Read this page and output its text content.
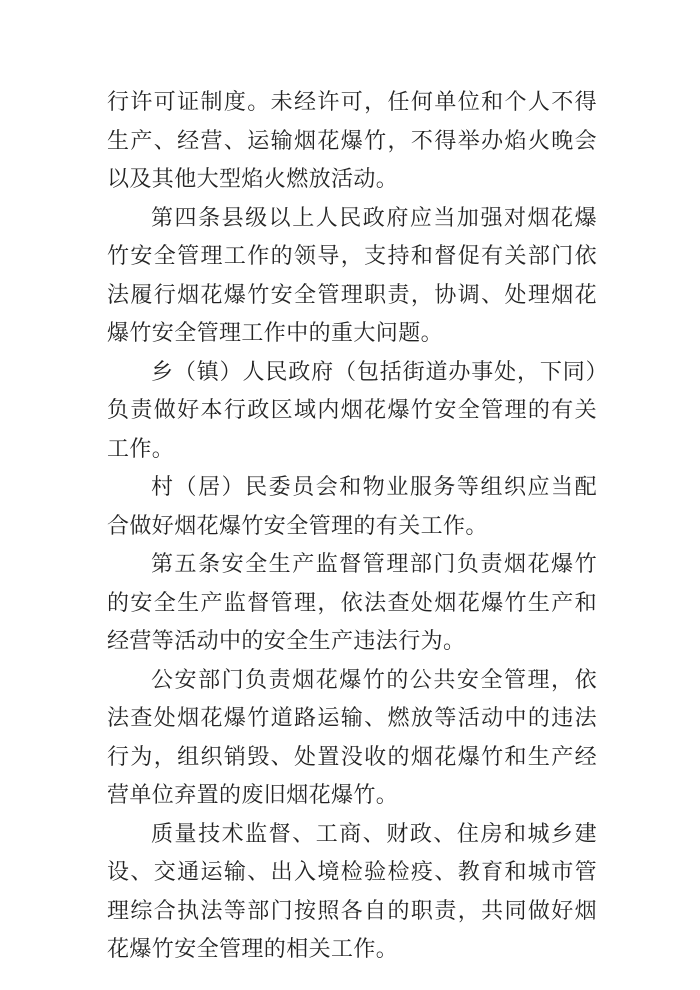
行许可证制度。未经许可，任何单位和个人不得生产、经营、运输烟花爆竹，不得举办焰火晚会以及其他大型焰火燃放活动。

第四条县级以上人民政府应当加强对烟花爆竹安全管理工作的领导，支持和督促有关部门依法履行烟花爆竹安全管理职责，协调、处理烟花爆竹安全管理工作中的重大问题。

乡（镇）人民政府（包括街道办事处，下同）负责做好本行政区域内烟花爆竹安全管理的有关工作。

村（居）民委员会和物业服务等组织应当配合做好烟花爆竹安全管理的有关工作。

第五条安全生产监督管理部门负责烟花爆竹的安全生产监督管理，依法查处烟花爆竹生产和经营等活动中的安全生产违法行为。

公安部门负责烟花爆竹的公共安全管理，依法查处烟花爆竹道路运输、燃放等活动中的违法行为，组织销毁、处置没收的烟花爆竹和生产经营单位弃置的废旧烟花爆竹。

质量技术监督、工商、财政、住房和城乡建设、交通运输、出入境检验检疫、教育和城市管理综合执法等部门按照各自的职责，共同做好烟花爆竹安全管理的相关工作。
